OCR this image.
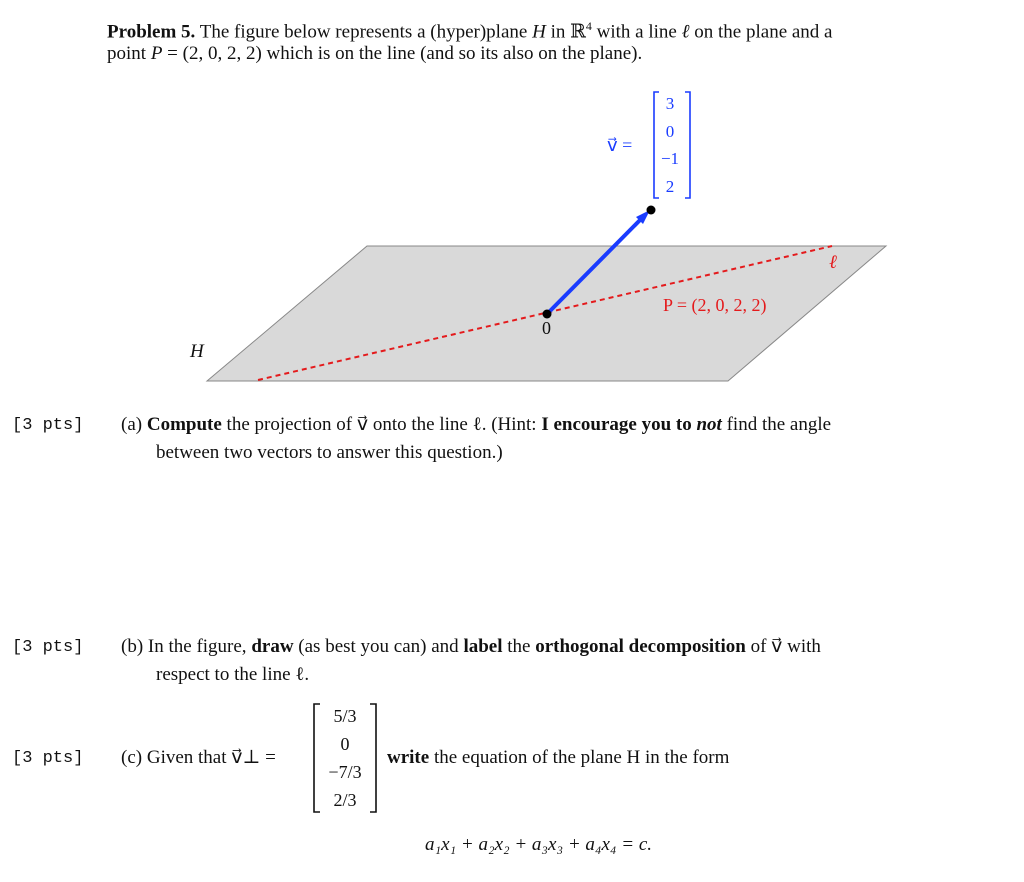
Problem 5. The figure below represents a (hyper)plane H in ℝ$^4$ with a line ℓ on the plane and a
point P = (2, 0, 2, 2) which is on the line (and so its also on the plane).
0
H
ℓ
P = (2, 0, 2, 2)
v⃗ =
3
0
−1
2
[3 pts] (a) Compute the projection of v⃗ onto the line ℓ. (Hint: I encourage you to not find the angle
between two vectors to answer this question.)
[3 pts] (b) In the figure, draw (as best you can) and label the orthogonal decomposition of v⃗ with
respect to the line ℓ.
[3 pts] (c) Given that v⃗⊥ =
5/3
0
−7/3
2/3
write the equation of the plane H in the form
a₁x₁ + a₂x₂ + a₃x₃ + a₄x₄ = c.
